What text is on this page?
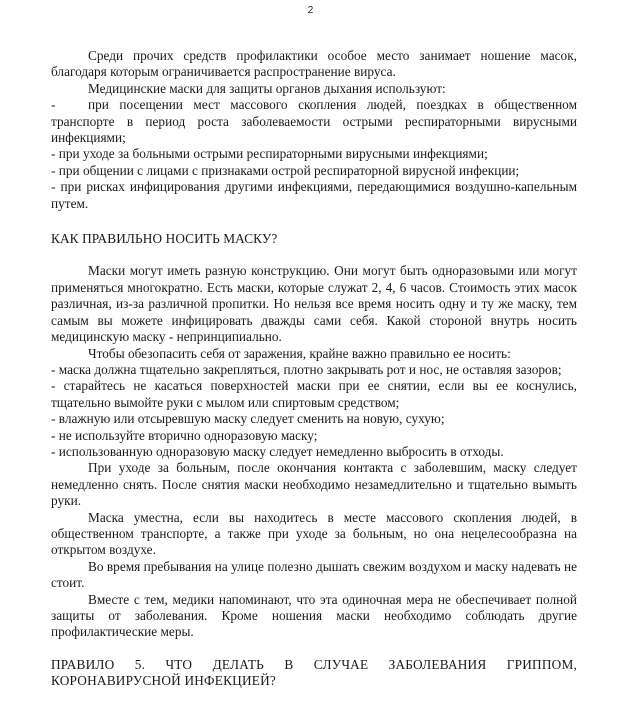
2

Среди прочих средств профилактики особое место занимает ношение масок, благодаря которым ограничивается распространение вируса.

Медицинские маски для защиты органов дыхания используют:

- при посещении мест массового скопления людей, поездках в общественном транспорте в период роста заболеваемости острыми респираторными вирусными инфекциями;

- при уходе за больными острыми респираторными вирусными инфекциями;

- при общении с лицами с признаками острой респираторной вирусной инфекции;

- при рисках инфицирования другими инфекциями, передающимися воздушно-капельным путем.

КАК ПРАВИЛЬНО НОСИТЬ МАСКУ?

Маски могут иметь разную конструкцию. Они могут быть одноразовыми или могут применяться многократно. Есть маски, которые служат 2, 4, 6 часов. Стоимость этих масок различная, из-за различной пропитки. Но нельзя все время носить одну и ту же маску, тем самым вы можете инфицировать дважды сами себя. Какой стороной внутрь носить медицинскую маску - непринципиально.

Чтобы обезопасить себя от заражения, крайне важно правильно ее носить:

- маска должна тщательно закрепляться, плотно закрывать рот и нос, не оставляя зазоров;

- старайтесь не касаться поверхностей маски при ее снятии, если вы ее коснулись, тщательно вымойте руки с мылом или спиртовым средством;

- влажную или отсыревшую маску следует сменить на новую, сухую;

- не используйте вторично одноразовую маску;

- использованную одноразовую маску следует немедленно выбросить в отходы.

При уходе за больным, после окончания контакта с заболевшим, маску следует немедленно снять. После снятия маски необходимо незамедлительно и тщательно вымыть руки.

Маска уместна, если вы находитесь в месте массового скопления людей, в общественном транспорте, а также при уходе за больным, но она нецелесообразна на открытом воздухе.

Во время пребывания на улице полезно дышать свежим воздухом и маску надевать не стоит.

Вместе с тем, медики напоминают, что эта одиночная мера не обеспечивает полной защиты от заболевания. Кроме ношения маски необходимо соблюдать другие профилактические меры.

ПРАВИЛО 5. ЧТО ДЕЛАТЬ В СЛУЧАЕ ЗАБОЛЕВАНИЯ ГРИППОМ, КОРОНАВИРУСНОЙ ИНФЕКЦИЕЙ?
